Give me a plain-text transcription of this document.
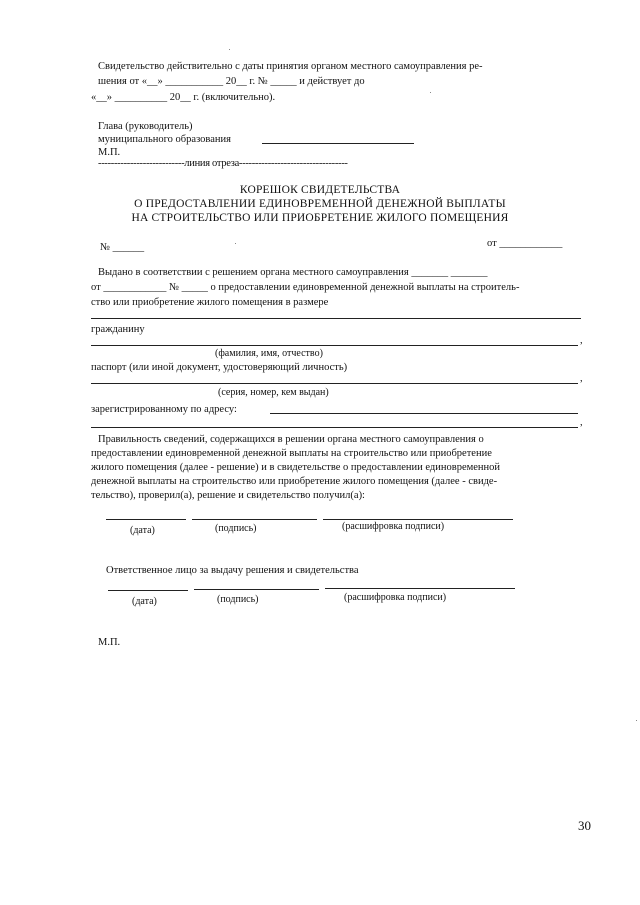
Свидетельство действительно с даты принятия органом местного самоуправления ре-
шения от «__» ___________ 20__ г. № _____ и действует до
«__» __________ 20__ г. (включительно).
Глава (руководитель)
муниципального образования
М.П.
---------------------------линия отреза----------------------------------
КОРЕШОК СВИДЕТЕЛЬСТВА
О ПРЕДОСТАВЛЕНИИ ЕДИНОВРЕМЕННОЙ ДЕНЕЖНОЙ ВЫПЛАТЫ
НА СТРОИТЕЛЬСТВО ИЛИ ПРИОБРЕТЕНИЕ ЖИЛОГО ПОМЕЩЕНИЯ
№ ______	от ____________
Выдано в соответствии с решением органа местного самоуправления _______ _______
от ____________ № _____ о предоставлении единовременной денежной выплаты на строитель-
ство или приобретение жилого помещения в размере
гражданину
,
(фамилия, имя, отчество)
паспорт (или иной документ, удостоверяющий личность)
,
(серия, номер, кем выдан)
зарегистрированному по адресу:
,
Правильность сведений, содержащихся в решении органа местного самоуправления о
предоставлении единовременной денежной выплаты на строительство или приобретение
жилого помещения (далее - решение) и в свидетельстве о предоставлении единовременной
денежной выплаты на строительство или приобретение жилого помещения (далее - свиде-
тельство), проверил(а), решение и свидетельство получил(а):
(дата)	(подпись)	(расшифровка подписи)
Ответственное лицо за выдачу решения и свидетельства
(дата)	(подпись)	(расшифровка подписи)
М.П.
30
